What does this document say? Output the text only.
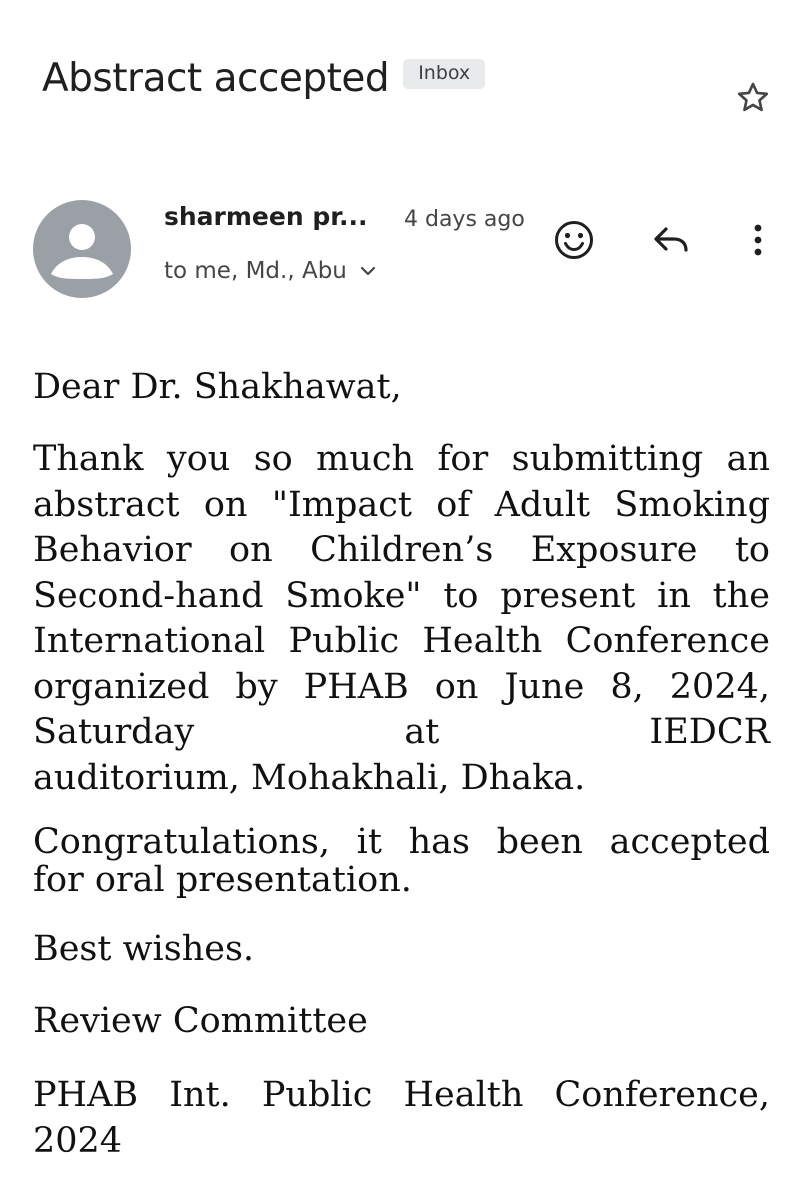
Abstract accepted	Inbox
sharmeen pr... 4 days ago
to me, Md., Abu

Dear Dr. Shakhawat,

Thank you so much for submitting an
abstract on "Impact of Adult Smoking
Behavior on Children’s Exposure to
Second-hand Smoke" to present in the
International Public Health Conference
organized by PHAB on June 8, 2024,
Saturday at IEDCR
auditorium, Mohakhali, Dhaka.

Congratulations, it has been accepted
for oral presentation.

Best wishes.

Review Committee

PHAB Int. Public Health Conference,
2024
